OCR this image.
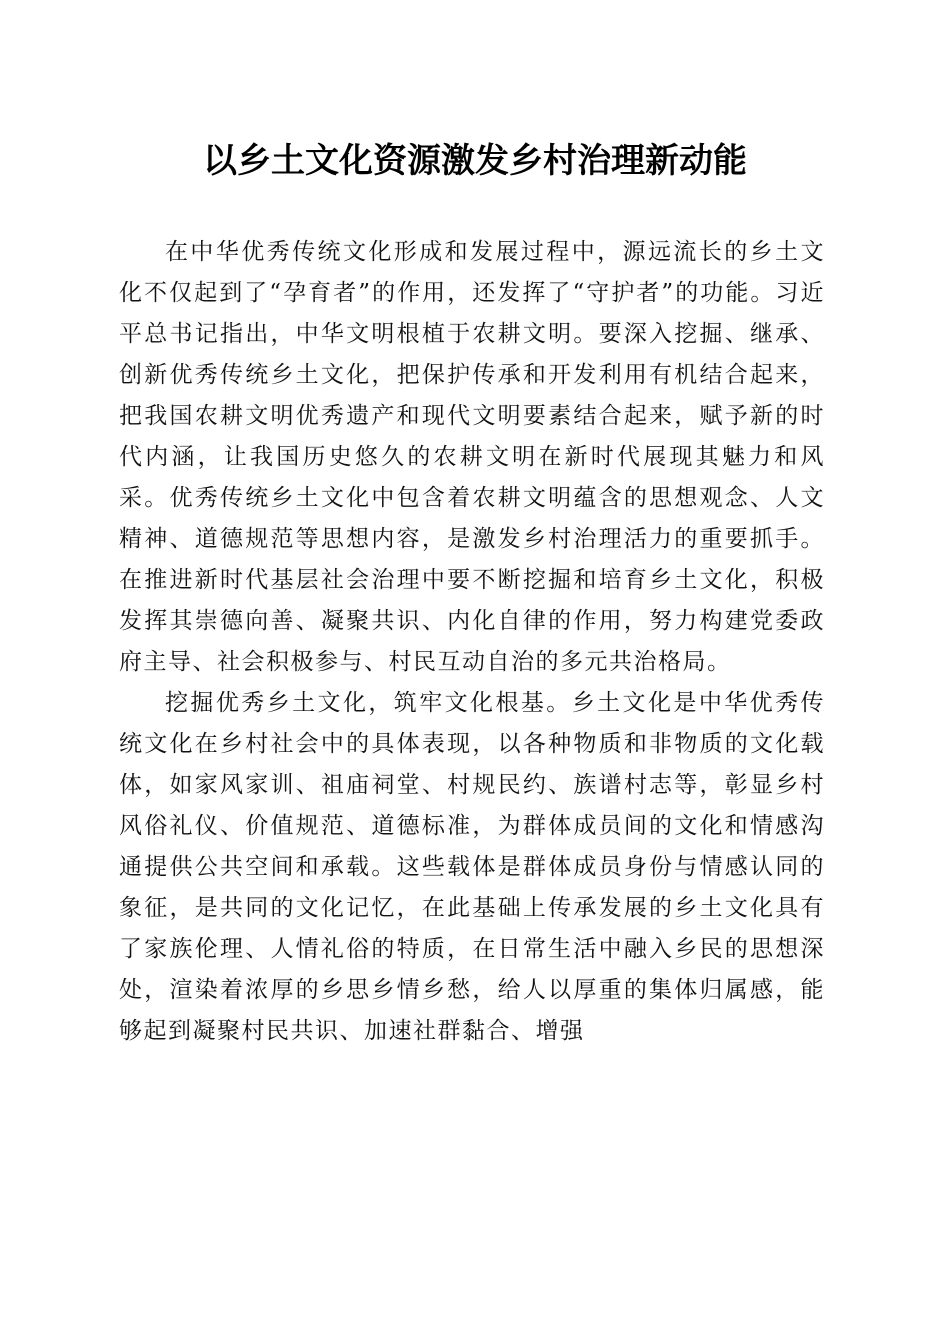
以乡土文化资源激发乡村治理新动能

在中华优秀传统文化形成和发展过程中，源远流长的乡土文化不仅起到了“孕育者”的作用，还发挥了“守护者”的功能。习近平总书记指出，中华文明根植于农耕文明。要深入挖掘、继承、创新优秀传统乡土文化，把保护传承和开发利用有机结合起来，把我国农耕文明优秀遗产和现代文明要素结合起来，赋予新的时代内涵，让我国历史悠久的农耕文明在新时代展现其魅力和风采。优秀传统乡土文化中包含着农耕文明蕴含的思想观念、人文精神、道德规范等思想内容，是激发乡村治理活力的重要抓手。在推进新时代基层社会治理中要不断挖掘和培育乡土文化，积极发挥其崇德向善、凝聚共识、内化自律的作用，努力构建党委政府主导、社会积极参与、村民互动自治的多元共治格局。

挖掘优秀乡土文化，筑牢文化根基。乡土文化是中华优秀传统文化在乡村社会中的具体表现，以各种物质和非物质的文化载体，如家风家训、祖庙祠堂、村规民约、族谱村志等，彰显乡村风俗礼仪、价值规范、道德标准，为群体成员间的文化和情感沟通提供公共空间和承载。这些载体是群体成员身份与情感认同的象征，是共同的文化记忆，在此基础上传承发展的乡土文化具有了家族伦理、人情礼俗的特质，在日常生活中融入乡民的思想深处，渲染着浓厚的乡思乡情乡愁，给人以厚重的集体归属感，能够起到凝聚村民共识、加速社群黏合、增强
